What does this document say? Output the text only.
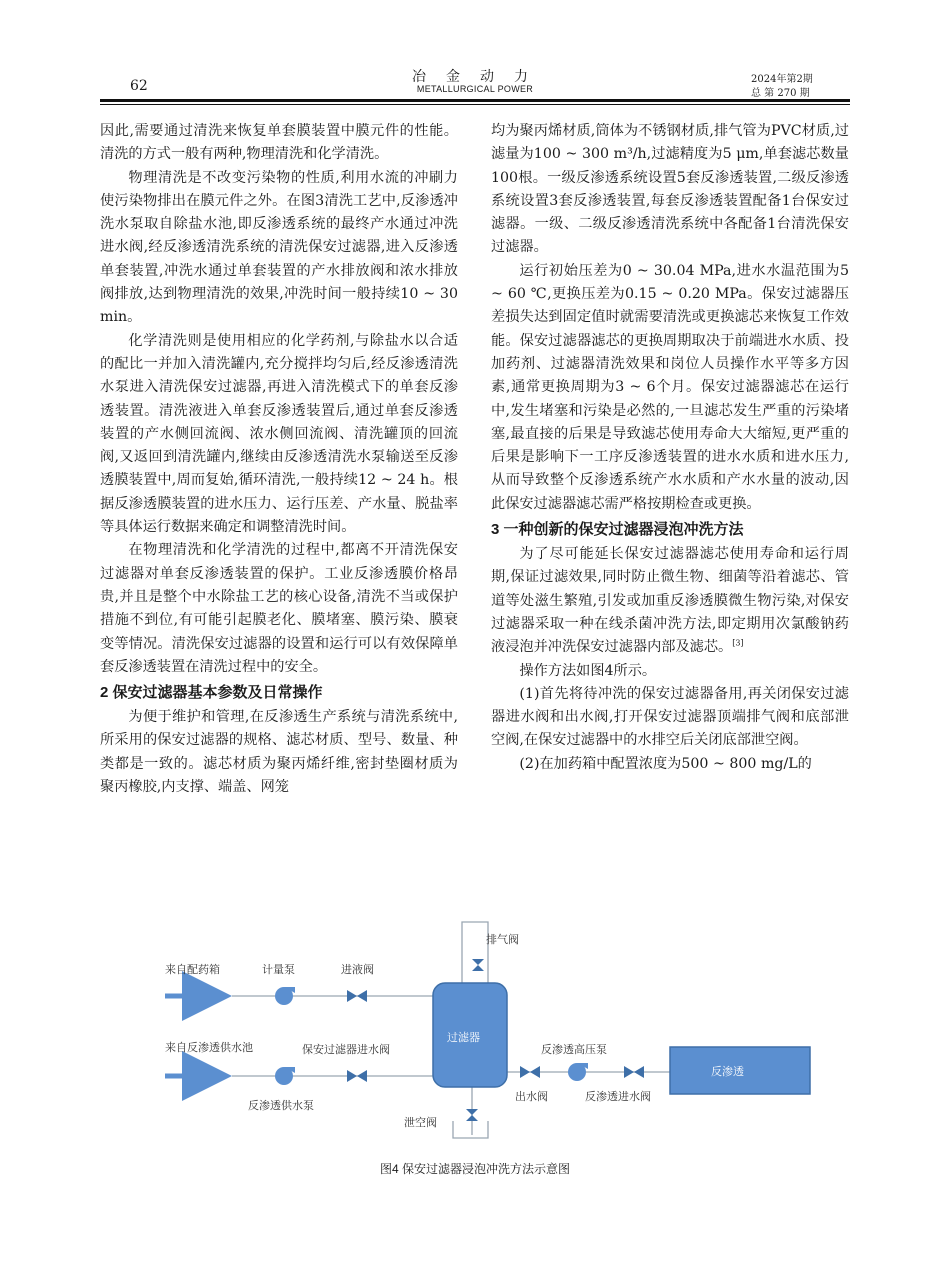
62
冶金动力
METALLURGICAL POWER
2024年第2期
总 第 270 期

因此,需要通过清洗来恢复单套膜装置中膜元件的性能。清洗的方式一般有两种,物理清洗和化学清洗。

物理清洗是不改变污染物的性质,利用水流的冲刷力使污染物排出在膜元件之外。在图3清洗工艺中,反渗透冲洗水泵取自除盐水池,即反渗透系统的最终产水通过冲洗进水阀,经反渗透清洗系统的清洗保安过滤器,进入反渗透单套装置,冲洗水通过单套装置的产水排放阀和浓水排放阀排放,达到物理清洗的效果,冲洗时间一般持续10 ~ 30 min。

化学清洗则是使用相应的化学药剂,与除盐水以合适的配比一并加入清洗罐内,充分搅拌均匀后,经反渗透清洗水泵进入清洗保安过滤器,再进入清洗模式下的单套反渗透装置。清洗液进入单套反渗透装置后,通过单套反渗透装置的产水侧回流阀、浓水侧回流阀、清洗罐顶的回流阀,又返回到清洗罐内,继续由反渗透清洗水泵输送至反渗透膜装置中,周而复始,循环清洗,一般持续12 ~ 24 h。根据反渗透膜装置的进水压力、运行压差、产水量、脱盐率等具体运行数据来确定和调整清洗时间。

在物理清洗和化学清洗的过程中,都离不开清洗保安过滤器对单套反渗透装置的保护。工业反渗透膜价格昂贵,并且是整个中水除盐工艺的核心设备,清洗不当或保护措施不到位,有可能引起膜老化、膜堵塞、膜污染、膜衰变等情况。清洗保安过滤器的设置和运行可以有效保障单套反渗透装置在清洗过程中的安全。

2 保安过滤器基本参数及日常操作

为便于维护和管理,在反渗透生产系统与清洗系统中,所采用的保安过滤器的规格、滤芯材质、型号、数量、种类都是一致的。滤芯材质为聚丙烯纤维,密封垫圈材质为聚丙橡胶,内支撑、端盖、网笼

均为聚丙烯材质,筒体为不锈钢材质,排气管为PVC材质,过滤量为100 ~ 300 m³/h,过滤精度为5 μm,单套滤芯数量100根。一级反渗透系统设置5套反渗透装置,二级反渗透系统设置3套反渗透装置,每套反渗透装置配备1台保安过滤器。一级、二级反渗透清洗系统中各配备1台清洗保安过滤器。

运行初始压差为0 ~ 30.04 MPa,进水水温范围为5 ~ 60 ℃,更换压差为0.15 ~ 0.20 MPa。保安过滤器压差损失达到固定值时就需要清洗或更换滤芯来恢复工作效能。保安过滤器滤芯的更换周期取决于前端进水水质、投加药剂、过滤器清洗效果和岗位人员操作水平等多方因素,通常更换周期为3 ~ 6个月。保安过滤器滤芯在运行中,发生堵塞和污染是必然的,一旦滤芯发生严重的污染堵塞,最直接的后果是导致滤芯使用寿命大大缩短,更严重的后果是影响下一工序反渗透装置的进水水质和进水压力,从而导致整个反渗透系统产水水质和产水水量的波动,因此保安过滤器滤芯需严格按期检查或更换。

3 一种创新的保安过滤器浸泡冲洗方法

为了尽可能延长保安过滤器滤芯使用寿命和运行周期,保证过滤效果,同时防止微生物、细菌等沿着滤芯、管道等处滋生繁殖,引发或加重反渗透膜微生物污染,对保安过滤器采取一种在线杀菌冲洗方法,即定期用次氯酸钠药液浸泡并冲洗保安过滤器内部及滤芯。[3]

操作方法如图4所示。

(1)首先将待冲洗的保安过滤器备用,再关闭保安过滤器进水阀和出水阀,打开保安过滤器顶端排气阀和底部泄空阀,在保安过滤器中的水排空后关闭底部泄空阀。

(2)在加药箱中配置浓度为500 ~ 800 mg/L的

来自配药箱	计量泵	进液阀
排气阀
来自反渗透供水池	保安过滤器进水阀
过滤器
反渗透供水泵
泄空阀
出水阀
反渗透高压泵
反渗透进水阀
反渗透
图4 保安过滤器浸泡冲洗方法示意图
